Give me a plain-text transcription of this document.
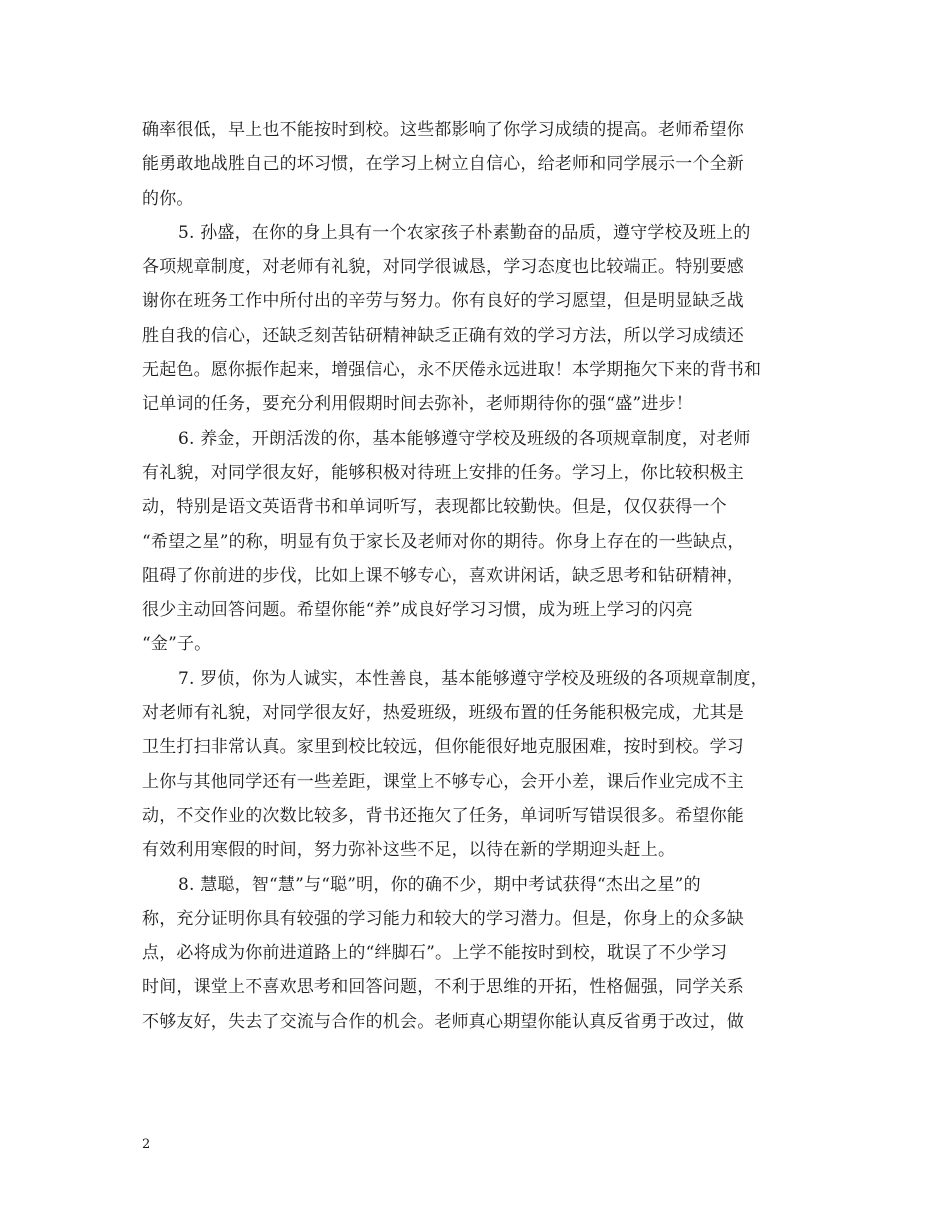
确率很低，早上也不能按时到校。这些都影响了你学习成绩的提高。老师希望你
能勇敢地战胜自己的坏习惯，在学习上树立自信心，给老师和同学展示一个全新
的你。
5. 孙盛，在你的身上具有一个农家孩子朴素勤奋的品质，遵守学校及班上的
各项规章制度，对老师有礼貌，对同学很诚恳，学习态度也比较端正。特别要感
谢你在班务工作中所付出的辛劳与努力。你有良好的学习愿望，但是明显缺乏战
胜自我的信心，还缺乏刻苦钻研精神缺乏正确有效的学习方法，所以学习成绩还
无起色。愿你振作起来，增强信心，永不厌倦永远进取！本学期拖欠下来的背书和
记单词的任务，要充分利用假期时间去弥补，老师期待你的强“盛”进步！
6. 养金，开朗活泼的你，基本能够遵守学校及班级的各项规章制度，对老师
有礼貌，对同学很友好，能够积极对待班上安排的任务。学习上，你比较积极主
动，特别是语文英语背书和单词听写，表现都比较勤快。但是，仅仅获得一个
“希望之星”的称，明显有负于家长及老师对你的期待。你身上存在的一些缺点，
阻碍了你前进的步伐，比如上课不够专心，喜欢讲闲话，缺乏思考和钻研精神，
很少主动回答问题。希望你能“养”成良好学习习惯，成为班上学习的闪亮
“金”子。
7. 罗侦，你为人诚实，本性善良，基本能够遵守学校及班级的各项规章制度，
对老师有礼貌，对同学很友好，热爱班级，班级布置的任务能积极完成，尤其是
卫生打扫非常认真。家里到校比较远，但你能很好地克服困难，按时到校。学习
上你与其他同学还有一些差距，课堂上不够专心，会开小差，课后作业完成不主
动，不交作业的次数比较多，背书还拖欠了任务，单词听写错误很多。希望你能
有效利用寒假的时间，努力弥补这些不足，以待在新的学期迎头赶上。
8. 慧聪，智“慧”与“聪”明，你的确不少，期中考试获得“杰出之星”的
称，充分证明你具有较强的学习能力和较大的学习潜力。但是，你身上的众多缺
点，必将成为你前进道路上的“绊脚石”。上学不能按时到校，耽误了不少学习
时间，课堂上不喜欢思考和回答问题，不利于思维的开拓，性格倔强，同学关系
不够友好，失去了交流与合作的机会。老师真心期望你能认真反省勇于改过，做
2
